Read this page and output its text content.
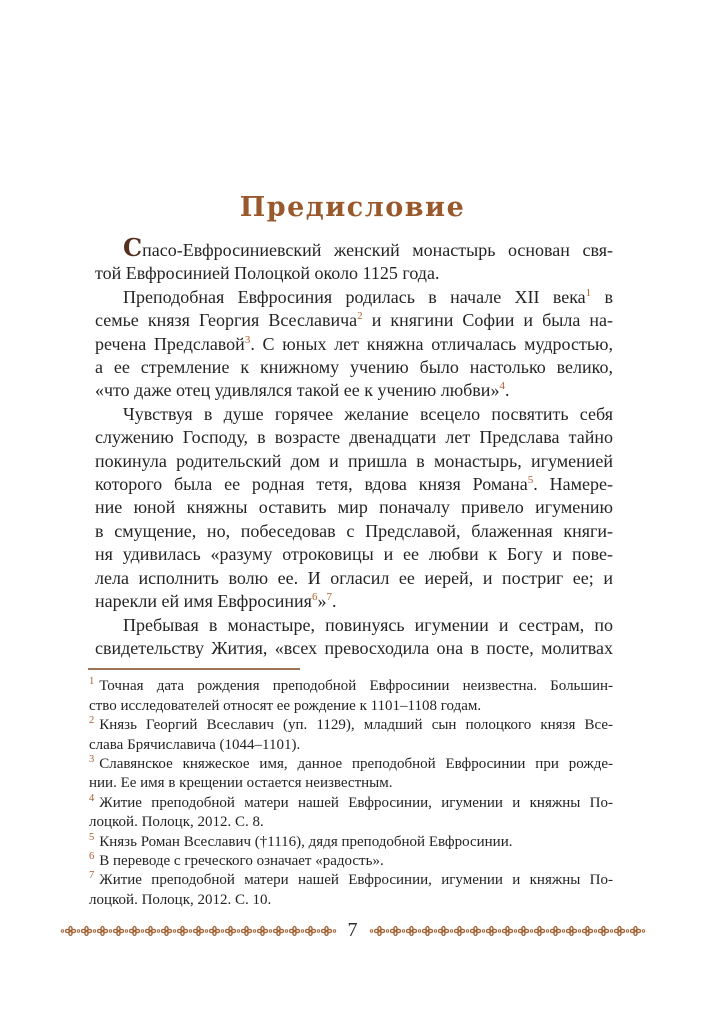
Предисловие
Спасо-Евфросиниевский женский монастырь основан свя-
той Евфросинией Полоцкой около 1125 года.
Преподобная Евфросиния родилась в начале XII века$^1$ в
семье князя Георгия Всеславича$^2$ и княгини Софии и была на-
речена Предславой$^3$. С юных лет княжна отличалась мудростью,
а ее стремление к книжному учению было настолько велико,
«что даже отец удивлялся такой ее к учению любви»$^4$.
Чувствуя в душе горячее желание всецело посвятить себя
служению Господу, в возрасте двенадцати лет Предслава тайно
покинула родительский дом и пришла в монастырь, игуменией
которого была ее родная тетя, вдова князя Романа$^5$. Намере-
ние юной княжны оставить мир поначалу привело игумению
в смущение, но, побеседовав с Предславой, блаженная княги-
ня удивилась «разуму отроковицы и ее любви к Богу и пове-
лела исполнить волю ее. И огласил ее иерей, и постриг ее; и
нарекли ей имя Евфросиния$^6$»$^7$.
Пребывая в монастыре, повинуясь игумении и сестрам, по
свидетельству Жития, «всех превосходила она в посте, молитвах
$^1$ Точная дата рождения преподобной Евфросинии неизвестна. Большин-
ство исследователей относят ее рождение к 1101–1108 годам.
$^2$ Князь Георгий Всеславич (уп. 1129), младший сын полоцкого князя Все-
слава Брячиславича (1044–1101).
$^3$ Славянское княжеское имя, данное преподобной Евфросинии при рожде-
нии. Ее имя в крещении остается неизвестным.
$^4$ Житие преподобной матери нашей Евфросинии, игумении и княжны По-
лоцкой. Полоцк, 2012. С. 8.
$^5$ Князь Роман Всеславич (†1116), дядя преподобной Евфросинии.
$^6$ В переводе с греческого означает «радость».
$^7$ Житие преподобной матери нашей Евфросинии, игумении и княжны По-
лоцкой. Полоцк, 2012. С. 10.
7
